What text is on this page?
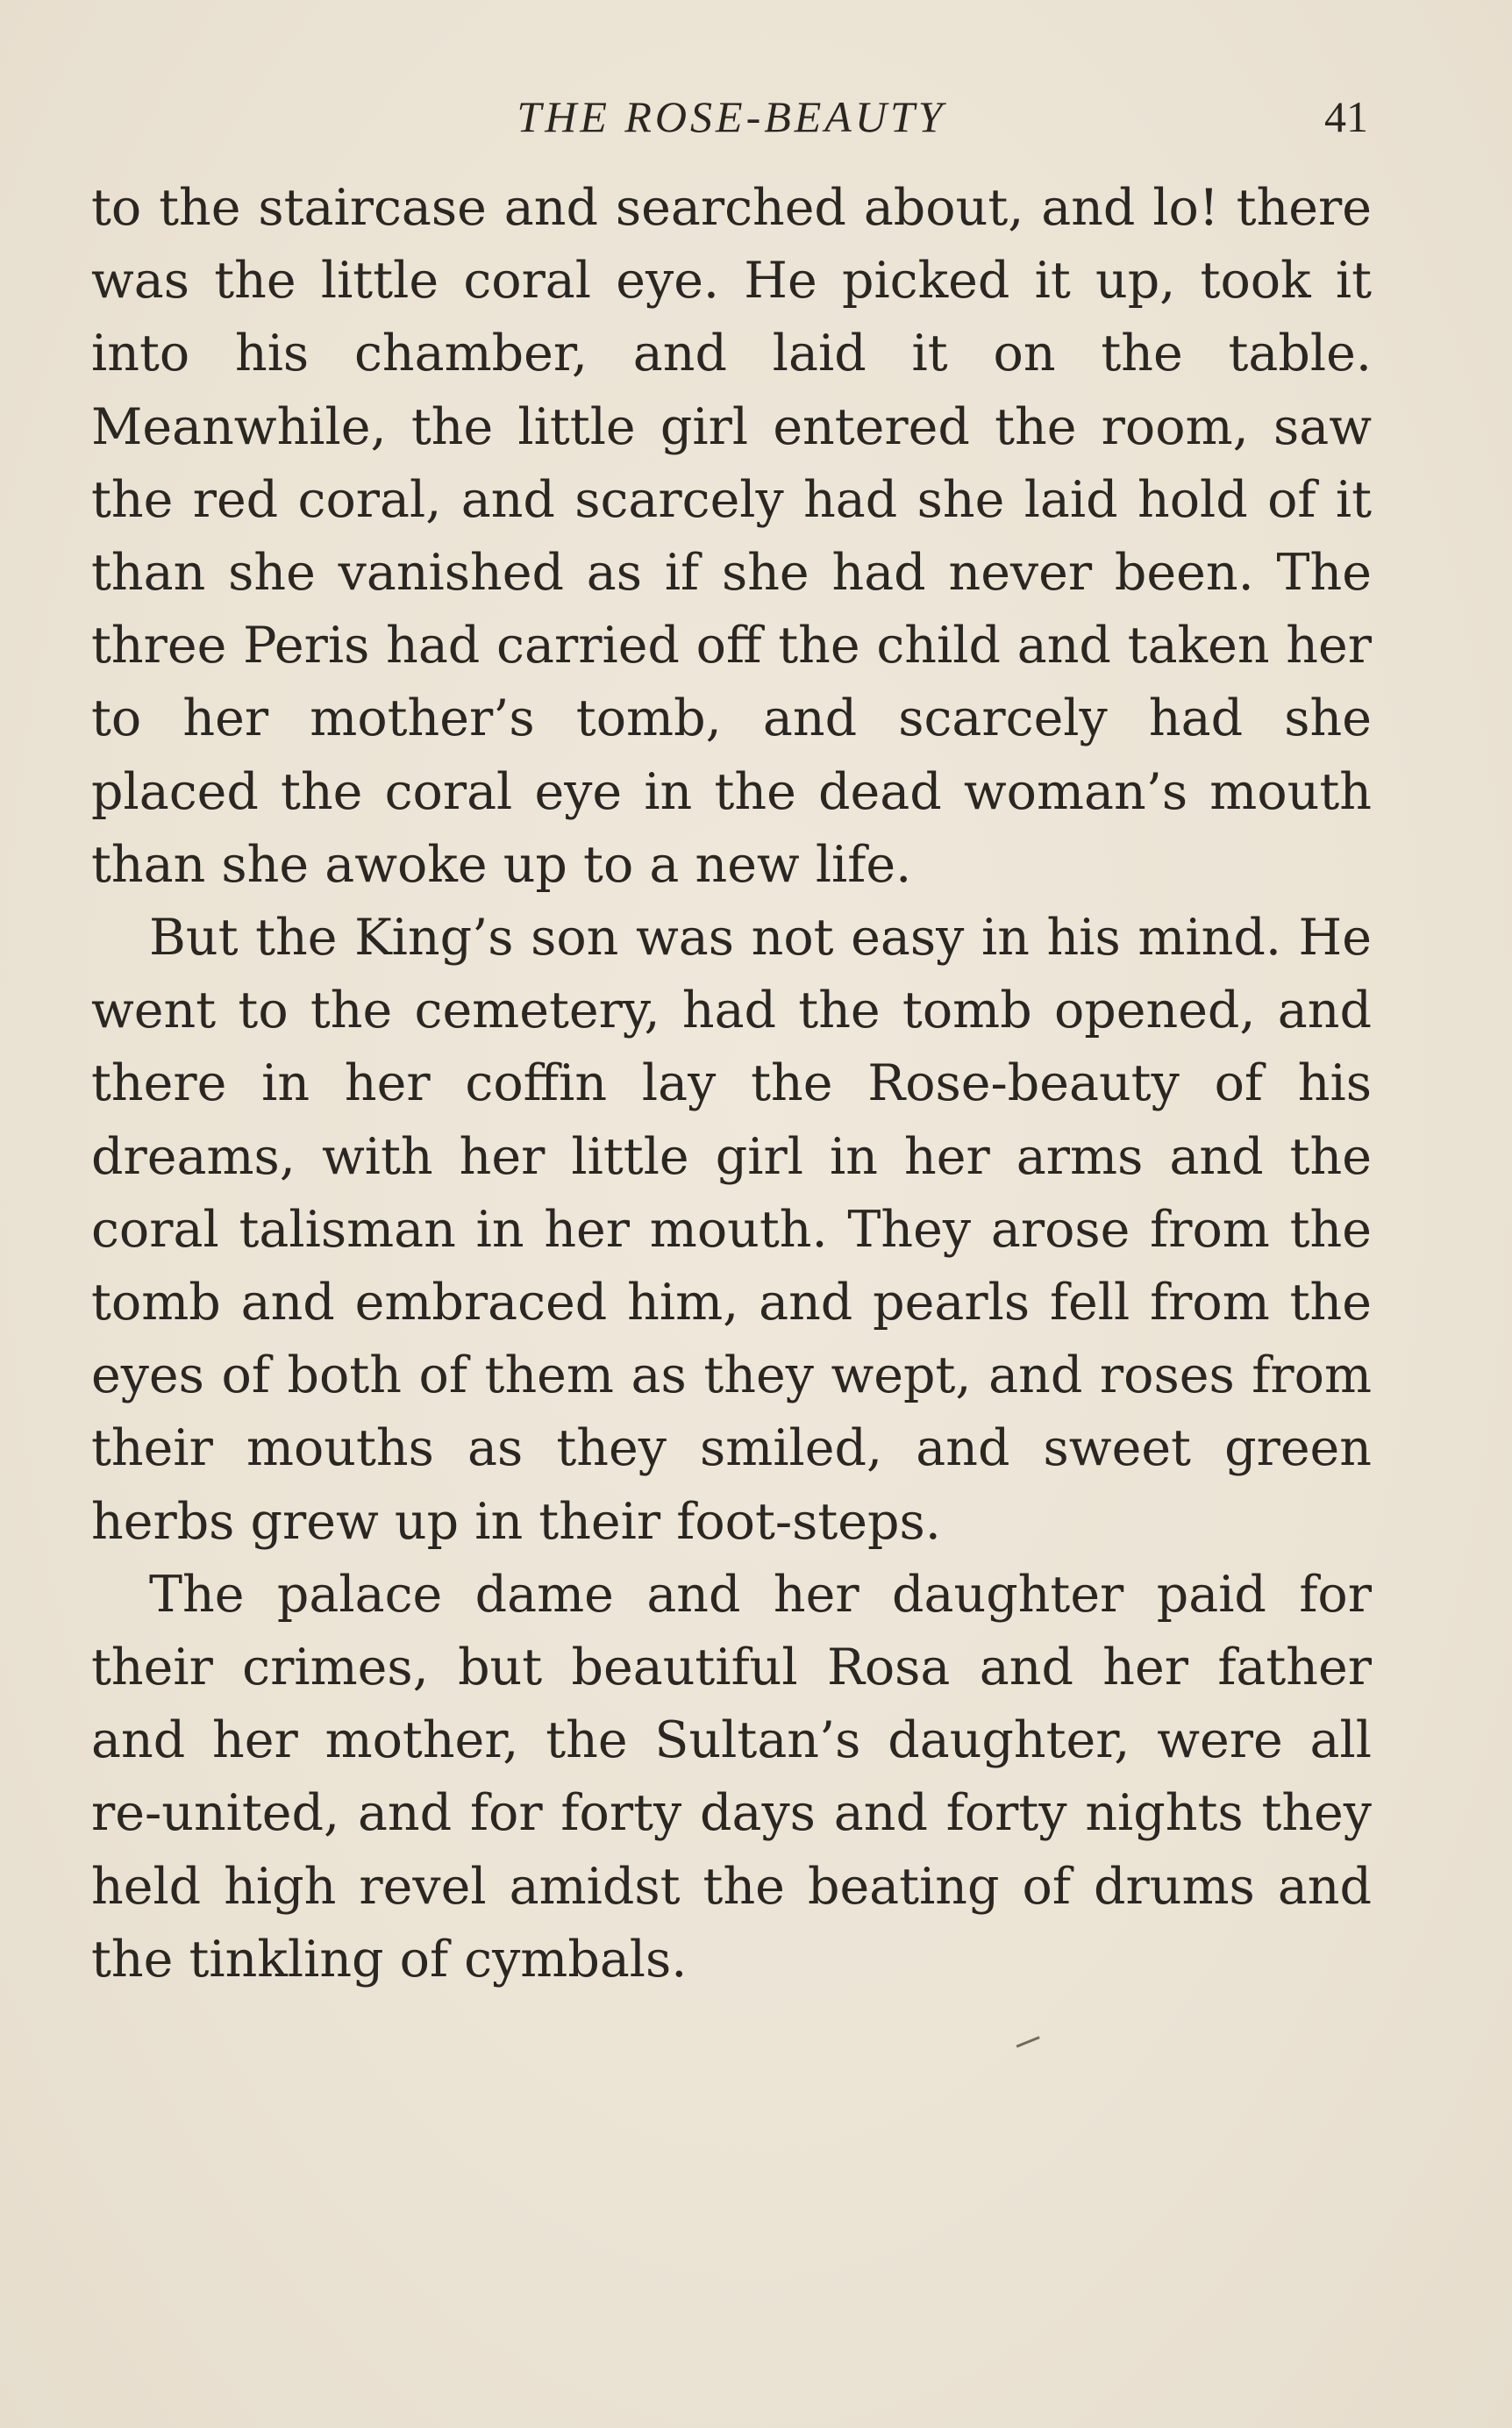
THE ROSE-BEAUTY	41

to the staircase and searched about, and lo! there was the little coral eye. He picked it up, took it into his chamber, and laid it on the table. Meanwhile, the little girl entered the room, saw the red coral, and scarcely had she laid hold of it than she vanished as if she had never been. The three Peris had carried off the child and taken her to her mother’s tomb, and scarcely had she placed the coral eye in the dead woman’s mouth than she awoke up to a new life.

But the King’s son was not easy in his mind. He went to the cemetery, had the tomb opened, and there in her coffin lay the Rose-beauty of his dreams, with her little girl in her arms and the coral talisman in her mouth. They arose from the tomb and embraced him, and pearls fell from the eyes of both of them as they wept, and roses from their mouths as they smiled, and sweet green herbs grew up in their foot-steps.

The palace dame and her daughter paid for their crimes, but beautiful Rosa and her father and her mother, the Sultan’s daughter, were all re-united, and for forty days and forty nights they held high revel amidst the beating of drums and the tinkling of cymbals.
